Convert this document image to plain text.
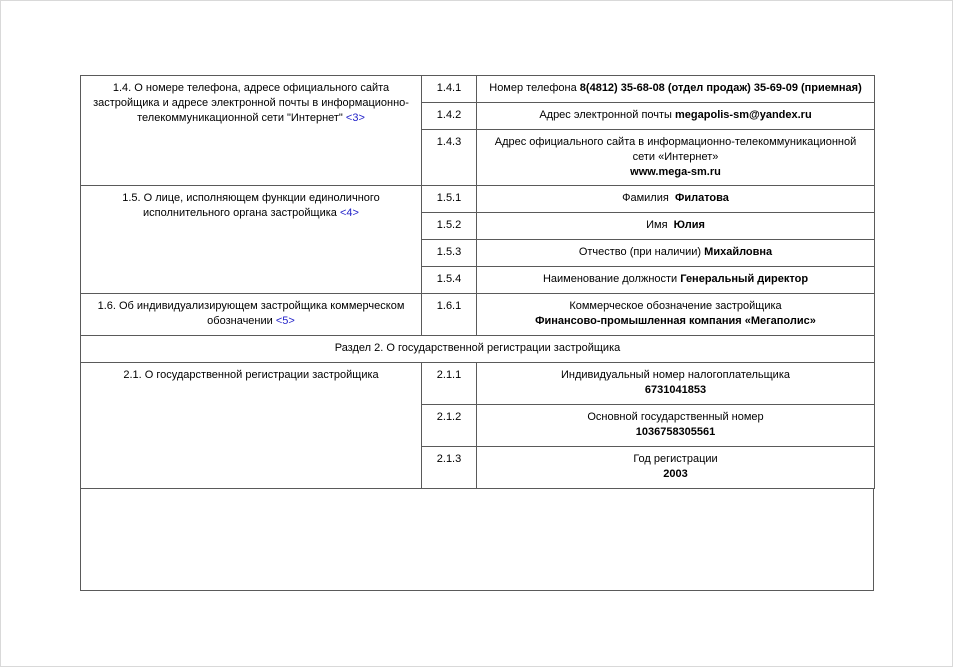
1.4. О номере телефона, адресе официального сайта застройщика и адресе электронной почты в информационно-телекоммуникационной сети "Интернет" <3>	1.4.1	Номер телефона 8(4812) 35-68-08 (отдел продаж) 35-69-09 (приемная)
	1.4.2	Адрес электронной почты megapolis-sm@yandex.ru
	1.4.3	Адрес официального сайта в информационно-телекоммуникационной сети «Интернет»
www.mega-sm.ru
1.5. О лице, исполняющем функции единоличного исполнительного органа застройщика <4>	1.5.1	Фамилия Филатова
	1.5.2	Имя Юлия
	1.5.3	Отчество (при наличии) Михайловна
	1.5.4	Наименование должности Генеральный директор
1.6. Об индивидуализирующем застройщика коммерческом обозначении <5>	1.6.1	Коммерческое обозначение застройщика
Финансово-промышленная компания «Мегаполис»
Раздел 2. О государственной регистрации застройщика		
2.1. О государственной регистрации застройщика	2.1.1	Индивидуальный номер налогоплательщика
6731041853
	2.1.2	Основной государственный номер
1036758305561
	2.1.3	Год регистрации
2003
